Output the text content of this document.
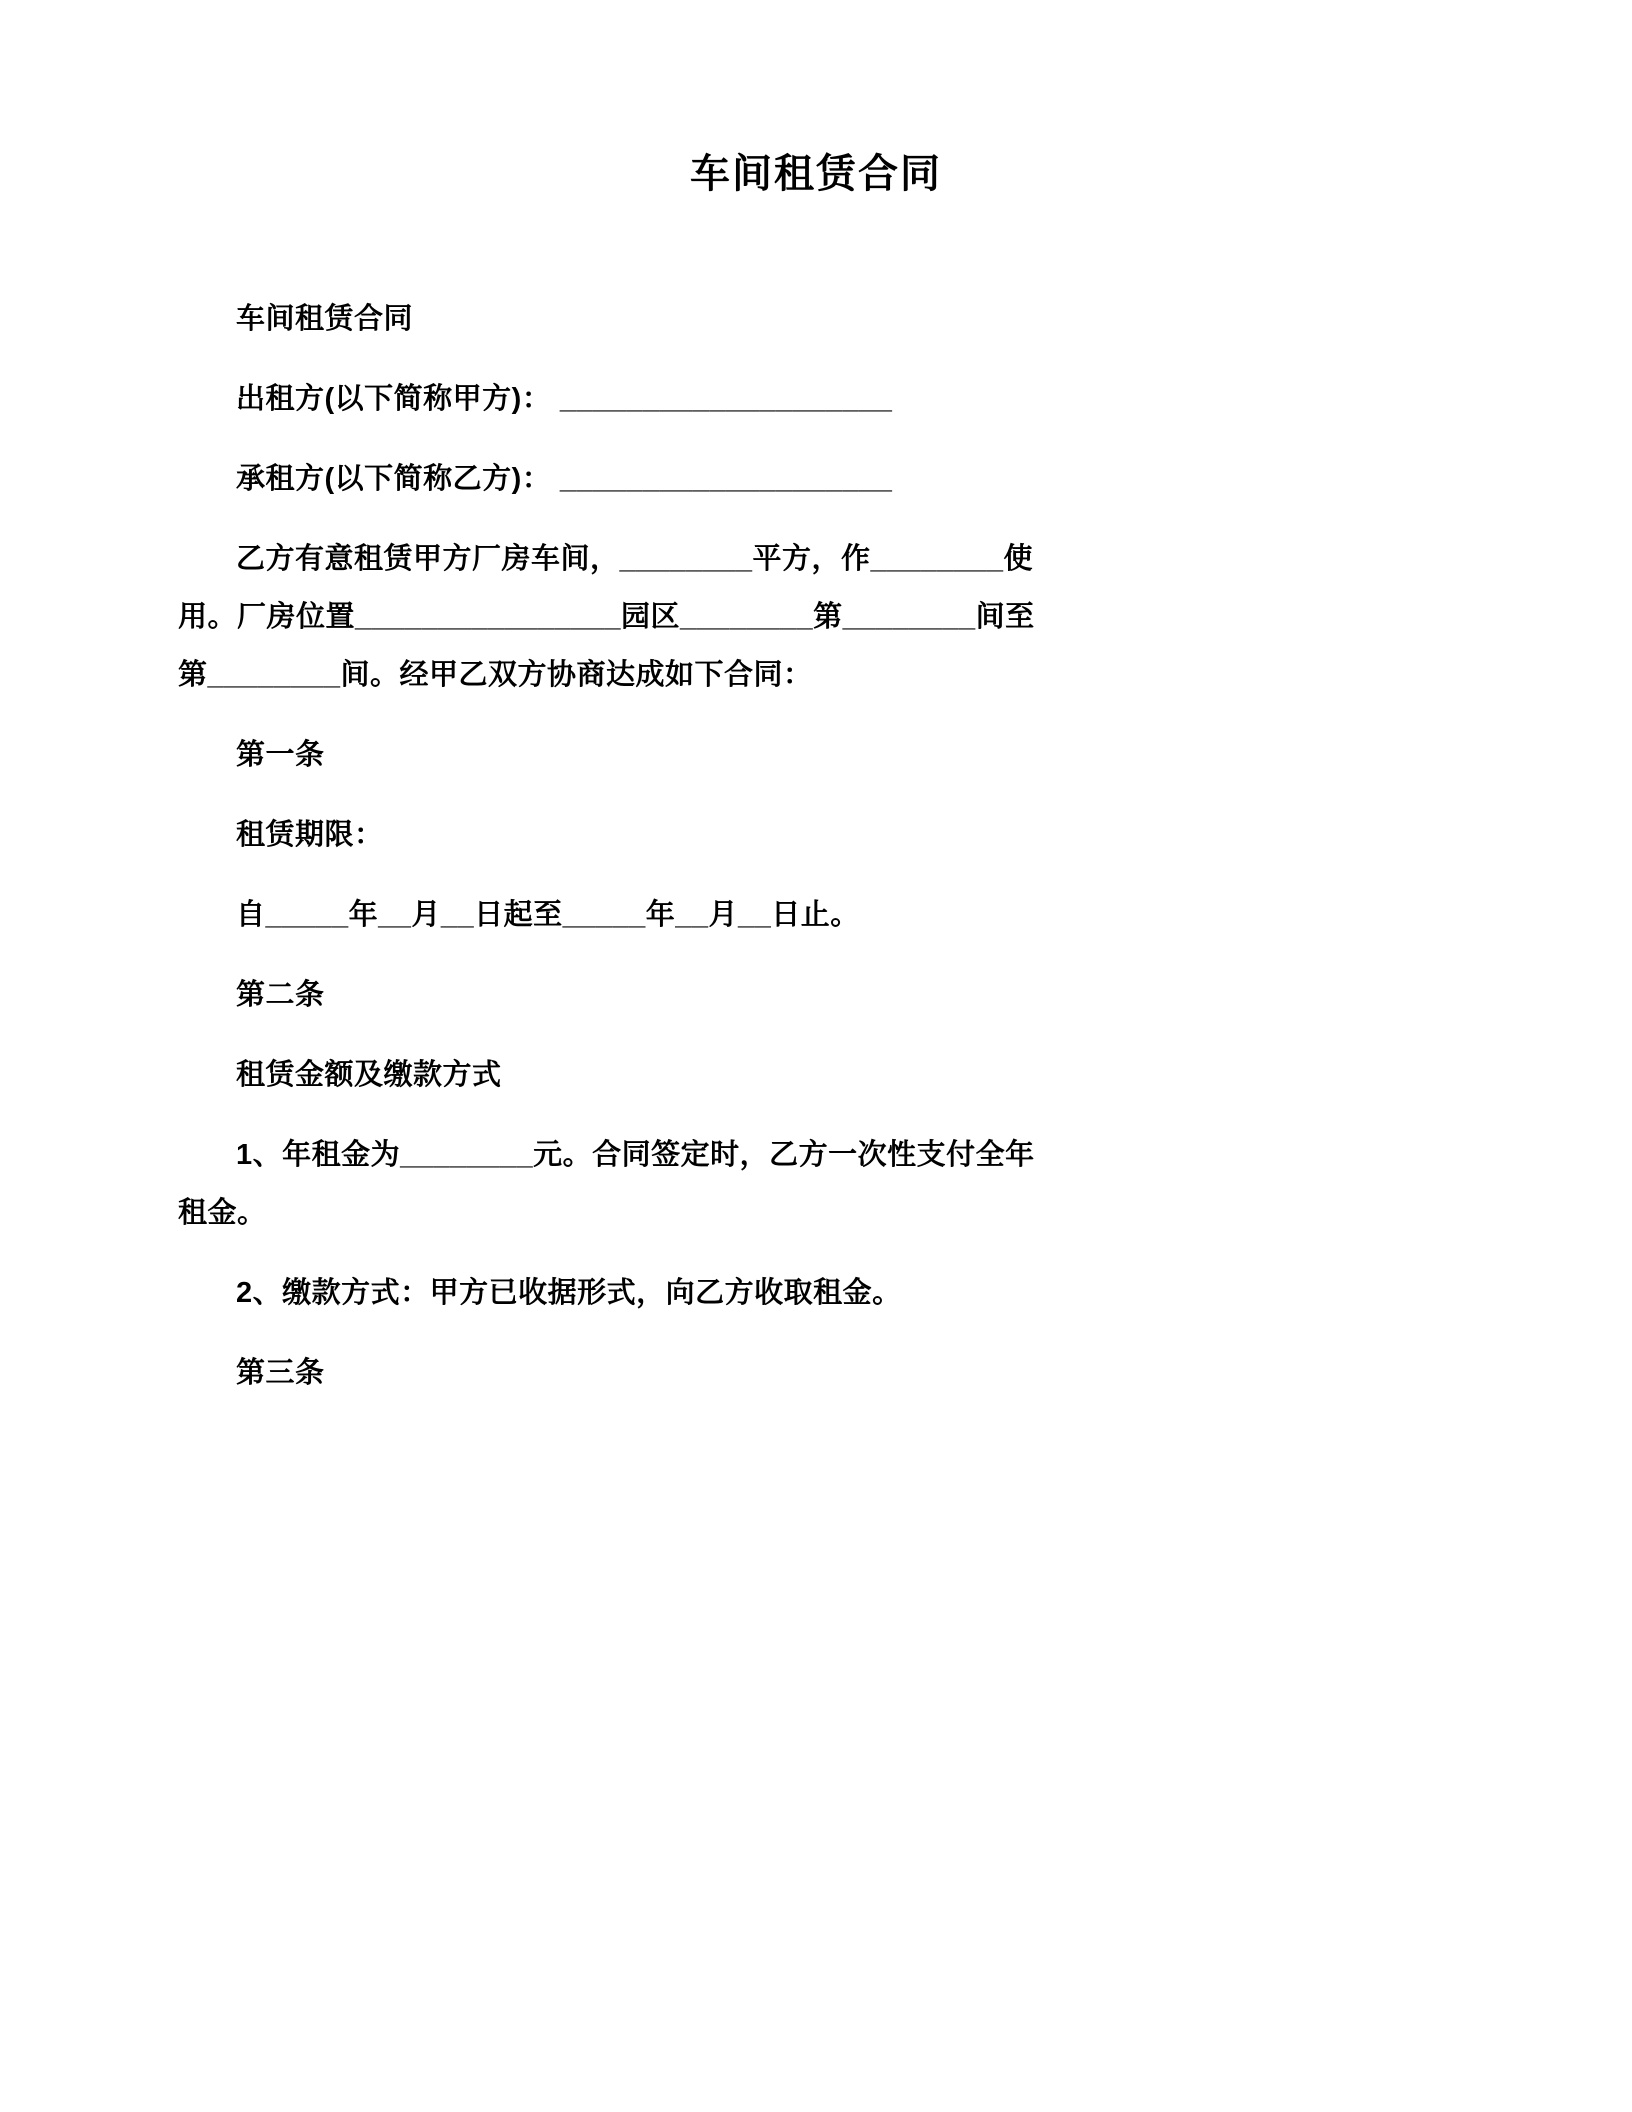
车间租赁合同

车间租赁合同

出租方(以下简称甲方)： ____________________

承租方(以下简称乙方)： ____________________

乙方有意租赁甲方厂房车间，________平方，作________使用。厂房位置________________园区________第________间至第________间。经甲乙双方协商达成如下合同：

第一条

租赁期限：

自_____年__月__日起至_____年__月__日止。

第二条

租赁金额及缴款方式

1、年租金为________元。合同签定时，乙方一次性支付全年租金。

2、缴款方式：甲方已收据形式，向乙方收取租金。

第三条
